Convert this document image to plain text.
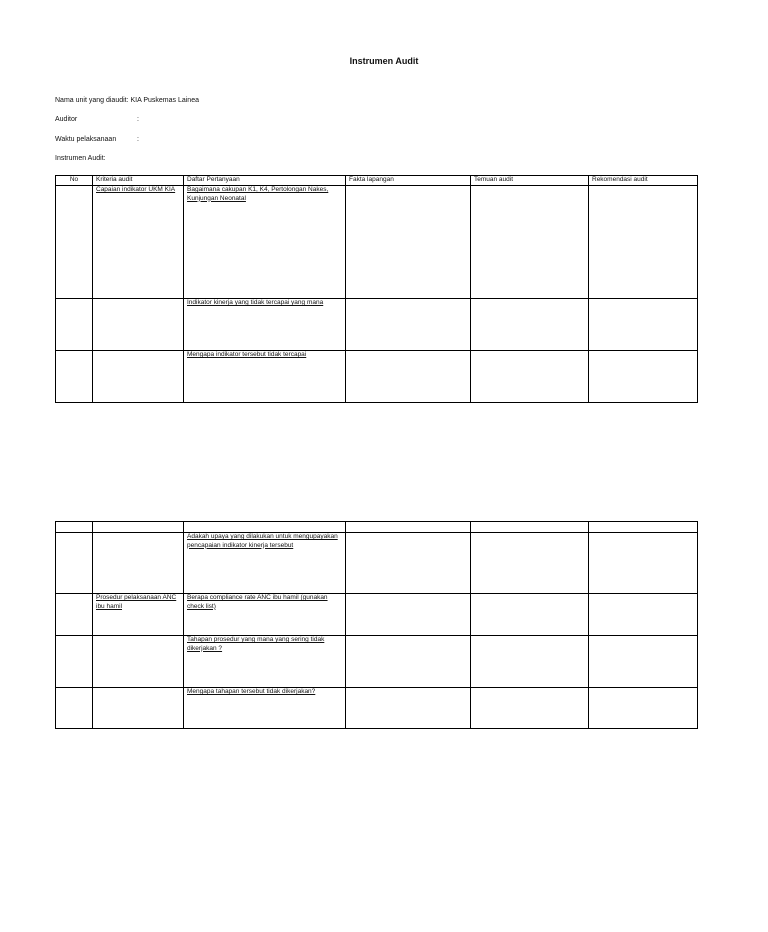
Instrumen Audit
Nama unit yang diaudit: KIA Puskemas Lainea
Auditor	:
Waktu pelaksanaan	:
Instrumen Audit:
No	Kriteria audit	Daftar Pertanyaan	Fakta lapangan	Temuan audit	Rekomendasi audit
	Capaian indikator UKM KIA	Bagaimana cakupan K1, K4, Pertolongan Nakes, Kunjungan Neonatal			
		Indikator kinerja yang tidak tercapai yang mana			
		Mengapa indikator tersebut tidak tercapai			

		Adakah upaya yang dilakukan untuk mengupayakan pencapaian indikator kinerja tersebut			
	Prosedur pelaksanaan ANC ibu hamil	Berapa compliance rate ANC ibu hamil (gunakan check list)			
		Tahapan prosedur yang mana yang sering tidak dikerjakan ?			
		Mengapa tahapan tersebut tidak dikerjakan?			
